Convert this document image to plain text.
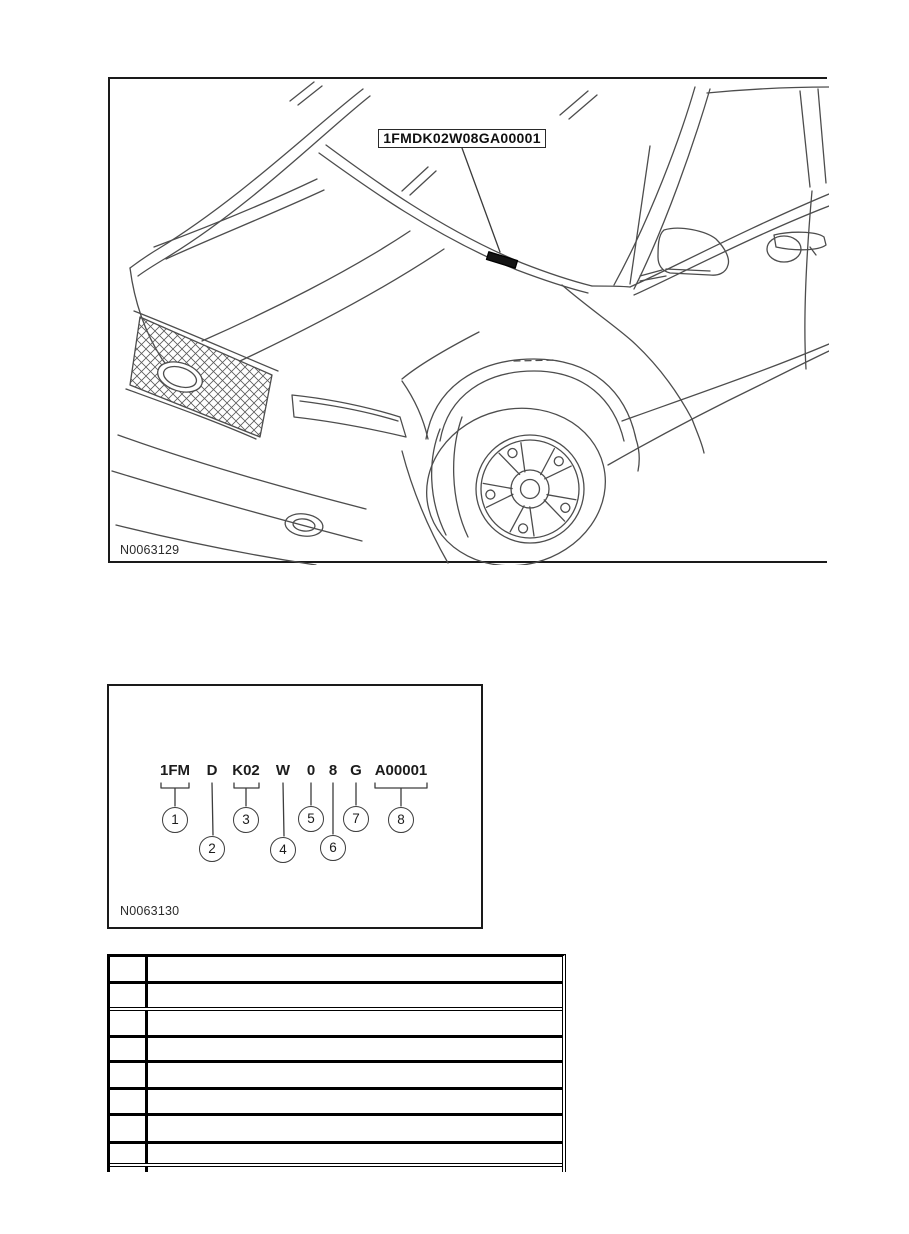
1FMDK02W08GA00001
N0063129
1FM	D K02	W	0 8 G A00001
1
2
3
4
5
6
7	8
N0063130
